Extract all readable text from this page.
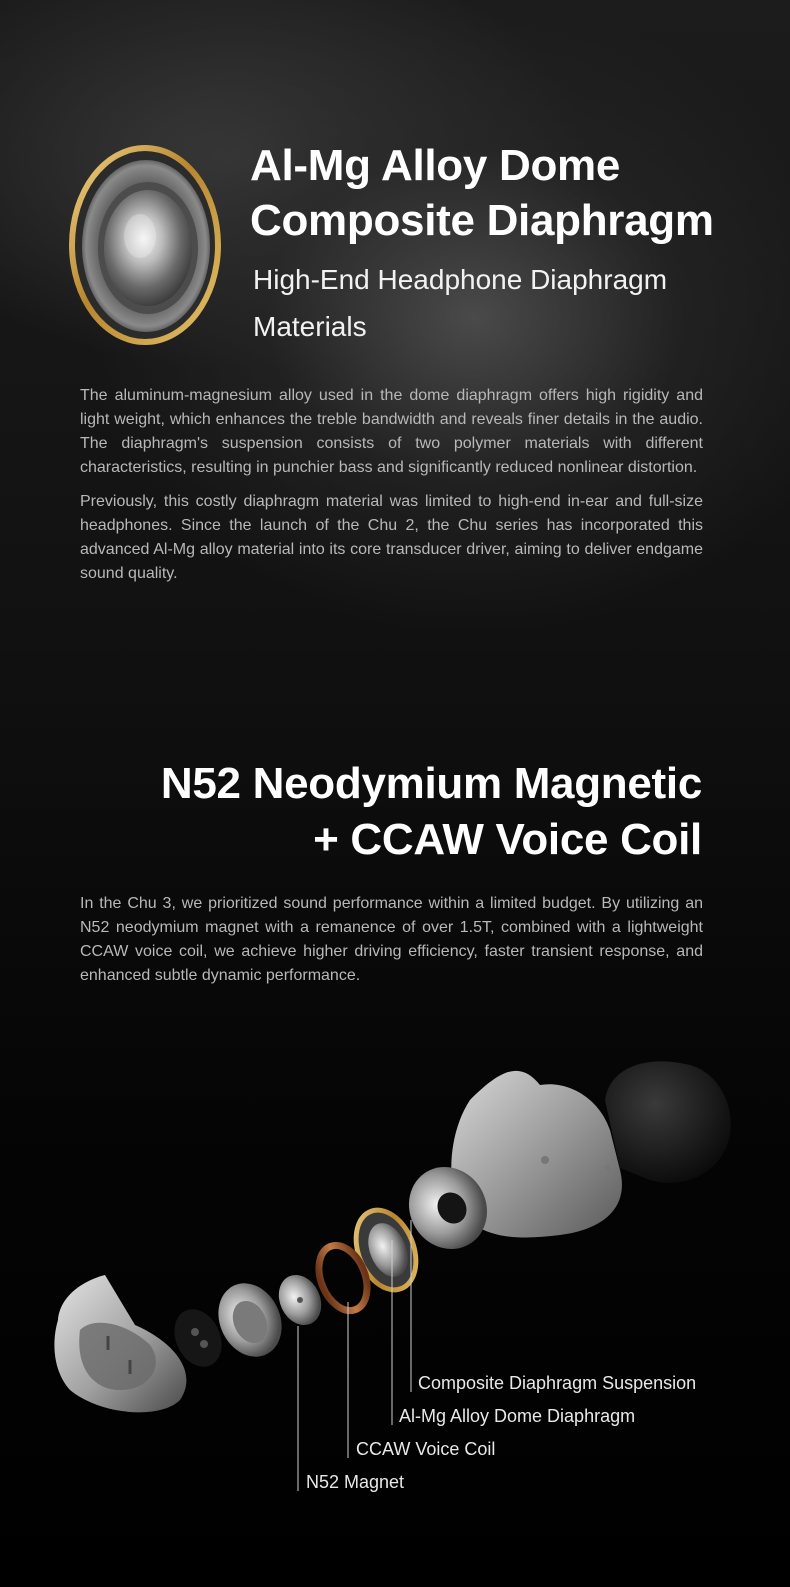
Al-Mg Alloy Dome
Composite Diaphragm
High-End Headphone Diaphragm
Materials

The aluminum-magnesium alloy used in the dome diaphragm offers high rigidity and light weight, which enhances the treble bandwidth and reveals finer details in the audio. The diaphragm's suspension consists of two polymer materials with different characteristics, resulting in punchier bass and significantly reduced nonlinear distortion.

Previously, this costly diaphragm material was limited to high-end in-ear and full-size headphones. Since the launch of the Chu 2, the Chu series has incorporated this advanced Al-Mg alloy material into its core transducer driver, aiming to deliver endgame sound quality.

N52 Neodymium Magnetic
+ CCAW Voice Coil

In the Chu 3, we prioritized sound performance within a limited budget. By utilizing an N52 neodymium magnet with a remanence of over 1.5T, combined with a lightweight CCAW voice coil, we achieve higher driving efficiency, faster transient response, and enhanced subtle dynamic performance.

Composite Diaphragm Suspension
Al-Mg Alloy Dome Diaphragm
CCAW Voice Coil
N52 Magnet
